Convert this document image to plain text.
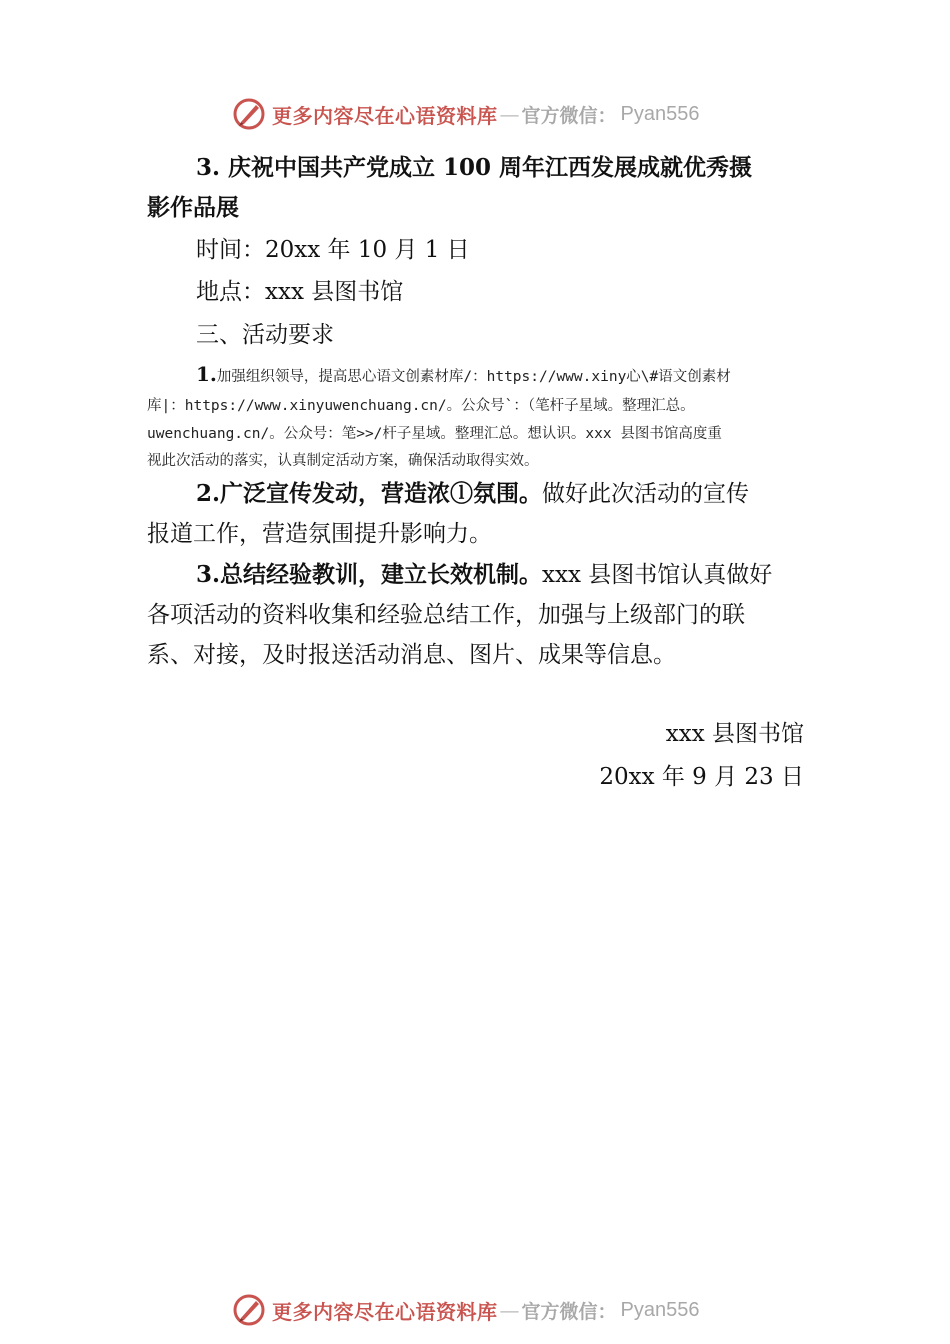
更多内容尽在心语资料库 — 官方微信： Pyan556
3. 庆祝中国共产党成立 100 周年江西发展成就优秀摄
影作品展
时间：20xx 年 10 月 1 日
地点：xxx 县图书馆
三、活动要求
1.加强组织领导，提高思心语文创素材库/：https://www.xiny心\#语文创素材
库|：https://www.xinyuwenchuang.cn/。公众号`：（笔杆子星域。整理汇总。
uwenchuang.cn/。公众号：笔>>/杆子星域。整理汇总。想认识。xxx 县图书馆高度重
视此次活动的落实，认真制定活动方案，确保活动取得实效。
2.广泛宣传发动，营造浓ⓛ氛围。做好此次活动的宣传
报道工作，营造氛围提升影响力。
3.总结经验教训，建立长效机制。xxx 县图书馆认真做好
各项活动的资料收集和经验总结工作，加强与上级部门的联
系、对接，及时报送活动消息、图片、成果等信息。
xxx 县图书馆
20xx 年 9 月 23 日
更多内容尽在心语资料库 — 官方微信： Pyan556
